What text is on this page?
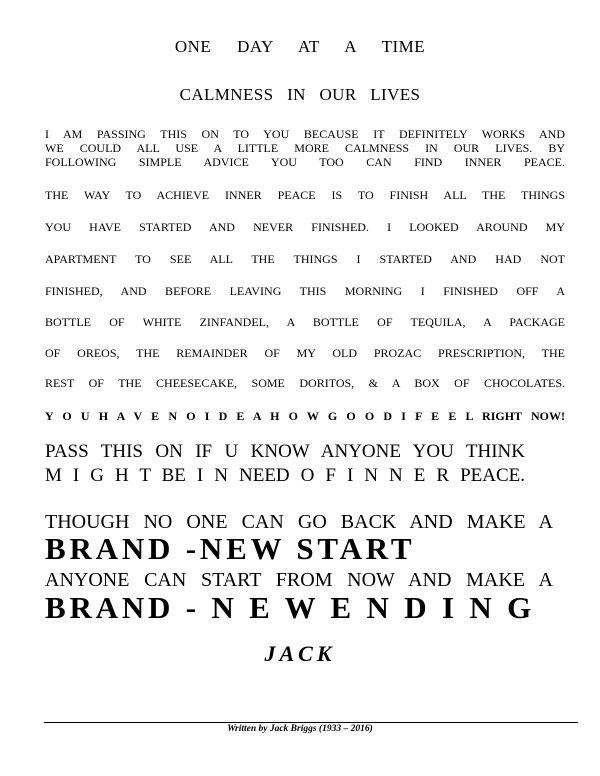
ONE DAY AT A TIME

CALMNESS IN OUR LIVES

I AM PASSING THIS ON TO YOU BECAUSE IT DEFINITELY WORKS AND

WE COULD ALL USE A LITTLE MORE CALMNESS IN OUR LIVES. BY

FOLLOWING SIMPLE ADVICE YOU TOO CAN FIND INNER PEACE.

THE WAY TO ACHIEVE INNER PEACE IS TO FINISH ALL THE THINGS

YOU HAVE STARTED AND NEVER FINISHED. I LOOKED AROUND MY

APARTMENT TO SEE ALL THE THINGS I STARTED AND HAD NOT

FINISHED, AND BEFORE LEAVING THIS MORNING I FINISHED OFF A

BOTTLE OF WHITE ZINFANDEL, A BOTTLE OF TEQUILA, A PACKAGE

OF OREOS, THE REMAINDER OF MY OLD PROZAC PRESCRIPTION, THE

REST OF THE CHEESECAKE, SOME DORITOS, & A BOX OF CHOCOLATES.

Y O U H A V E N O I D E A H O W G O O D I F E E L RIGHT NOW!

PASS THIS ON IF U KNOW ANYONE YOU THINK

M I G H T BE I N NEED O F I N N E R PEACE.

THOUGH NO ONE CAN GO BACK AND MAKE A

BRAND -NEW START

ANYONE CAN START FROM NOW AND MAKE A

BRAND - N E W E N D I N G

JACK

Written by Jack Briggs (1933 – 2016)
